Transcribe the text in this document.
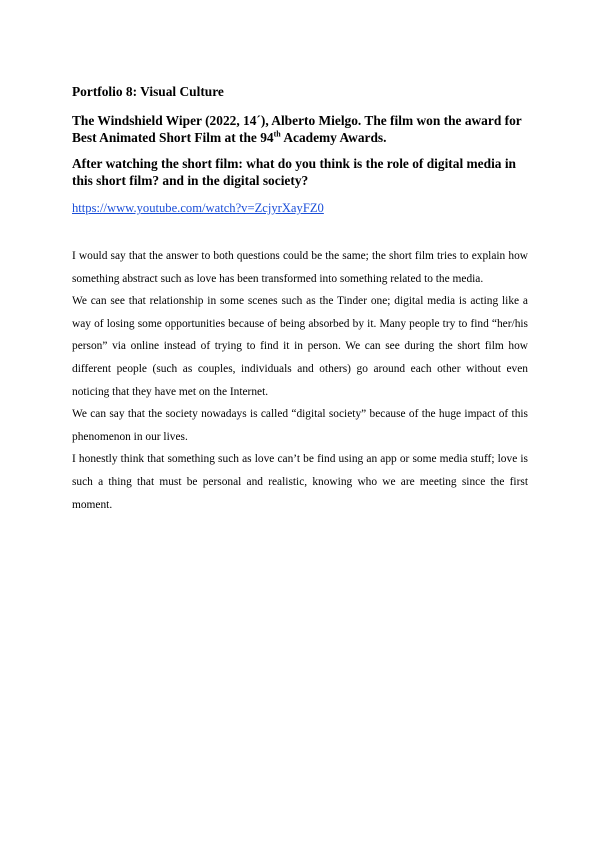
Portfolio 8: Visual Culture

The Windshield Wiper (2022, 14´), Alberto Mielgo. The film won the award for Best Animated Short Film at the 94th Academy Awards.

After watching the short film: what do you think is the role of digital media in this short film? and in the digital society?

https://www.youtube.com/watch?v=ZcjyrXayFZ0

I would say that the answer to both questions could be the same; the short film tries to explain how something abstract such as love has been transformed into something related to the media.

We can see that relationship in some scenes such as the Tinder one; digital media is acting like a way of losing some opportunities because of being absorbed by it. Many people try to find “her/his person” via online instead of trying to find it in person. We can see during the short film how different people (such as couples, individuals and others) go around each other without even noticing that they have met on the Internet.

We can say that the society nowadays is called “digital society” because of the huge impact of this phenomenon in our lives.

I honestly think that something such as love can’t be find using an app or some media stuff; love is such a thing that must be personal and realistic, knowing who we are meeting since the first moment.
